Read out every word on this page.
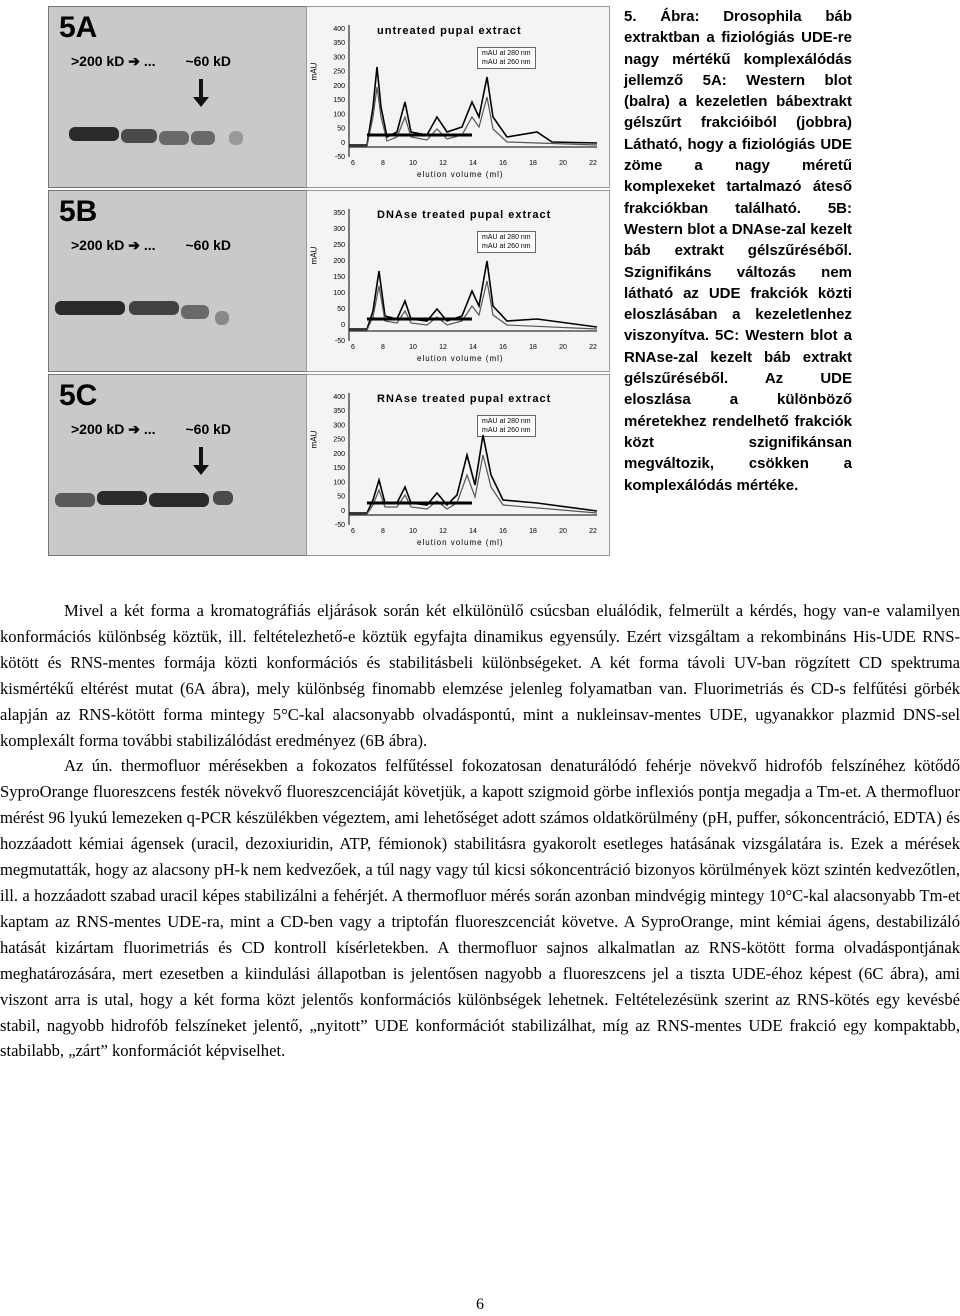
5A
>200 kD ➔ ... ~60 kD
untreated pupal extract
mAU at 280 nm
mAU at 260 nm
mAU
elution volume (ml)
400
350
300
250
200
150
100
50
0
-50
6	8	10	12	14	16	18	20	22
5B
>200 kD ➔ ... ~60 kD
DNAse treated pupal extract
mAU at 280 nm
mAU at 260 nm
mAU
elution volume (ml)
350
300
250
200
150
100
50
0
-50
6	8	10	12	14	16	18	20	22
5C
>200 kD ➔ ... ~60 kD
RNAse treated pupal extract
mAU at 280 nm
mAU at 260 nm
mAU
elution volume (ml)
400
350
300
250
200
150
100
50
0
-50
6	8	10	12	14	16	18	20	22
5. Ábra: Drosophila báb extraktban a fiziológiás UDE-re nagy mértékű komplexálódás jellemző 5A: Western blot (balra) a kezeletlen bábextrakt gélszűrt frakcióiból (jobbra) Látható, hogy a fiziológiás UDE zöme a nagy méretű komplexeket tartalmazó áteső frakciókban található. 5B: Western blot a DNAse-zal kezelt báb extrakt gélszűréséből. Szignifikáns változás nem látható az UDE frakciók közti eloszlásában a kezeletlenhez viszonyítva. 5C: Western blot a RNAse-zal kezelt báb extrakt gélszűréséből. Az UDE eloszlása a különböző méretekhez rendelhető frakciók közt szignifikánsan megváltozik, csökken a komplexálódás mértéke.

Mivel a két forma a kromatográfiás eljárások során két elkülönülő csúcsban eluálódik, felmerült a kérdés, hogy van-e valamilyen konformációs különbség köztük, ill. feltételezhető-e köztük egyfajta dinamikus egyensúly. Ezért vizsgáltam a rekombináns His-UDE RNS-kötött és RNS-mentes formája közti konformációs és stabilitásbeli különbségeket. A két forma távoli UV-ban rögzített CD spektruma kismértékű eltérést mutat (6A ábra), mely különbség finomabb elemzése jelenleg folyamatban van. Fluorimetriás és CD-s felfűtési görbék alapján az RNS-kötött forma mintegy 5°C-kal alacsonyabb olvadáspontú, mint a nukleinsav-mentes UDE, ugyanakkor plazmid DNS-sel komplexált forma további stabilizálódást eredményez (6B ábra).

Az ún. thermofluor mérésekben a fokozatos felfűtéssel fokozatosan denaturálódó fehérje növekvő hidrofób felszínéhez kötődő SyproOrange fluoreszcens festék növekvő fluoreszcenciáját követjük, a kapott szigmoid görbe inflexiós pontja megadja a Tm-et. A thermofluor mérést 96 lyukú lemezeken q-PCR készülékben végeztem, ami lehetőséget adott számos oldatkörülmény (pH, puffer, sókoncentráció, EDTA) és hozzáadott kémiai ágensek (uracil, dezoxiuridin, ATP, fémionok) stabilitásra gyakorolt esetleges hatásának vizsgálatára is. Ezek a mérések megmutatták, hogy az alacsony pH-k nem kedvezőek, a túl nagy vagy túl kicsi sókoncentráció bizonyos körülmények közt szintén kedvezőtlen, ill. a hozzáadott szabad uracil képes stabilizálni a fehérjét. A thermofluor mérés során azonban mindvégig mintegy 10°C-kal alacsonyabb Tm-et kaptam az RNS-mentes UDE-ra, mint a CD-ben vagy a triptofán fluoreszcenciát követve. A SyproOrange, mint kémiai ágens, destabilizáló hatását kizártam fluorimetriás és CD kontroll kísérletekben. A thermofluor sajnos alkalmatlan az RNS-kötött forma olvadáspontjának meghatározására, mert ezesetben a kiindulási állapotban is jelentősen nagyobb a fluoreszcens jel a tiszta UDE-éhoz képest (6C ábra), ami viszont arra is utal, hogy a két forma közt jelentős konformációs különbségek lehetnek. Feltételezésünk szerint az RNS-kötés egy kevésbé stabil, nagyobb hidrofób felszíneket jelentő, „nyitott” UDE konformációt stabilizálhat, míg az RNS-mentes UDE frakció egy kompaktabb, stabilabb, „zárt” konformációt képviselhet.

6
